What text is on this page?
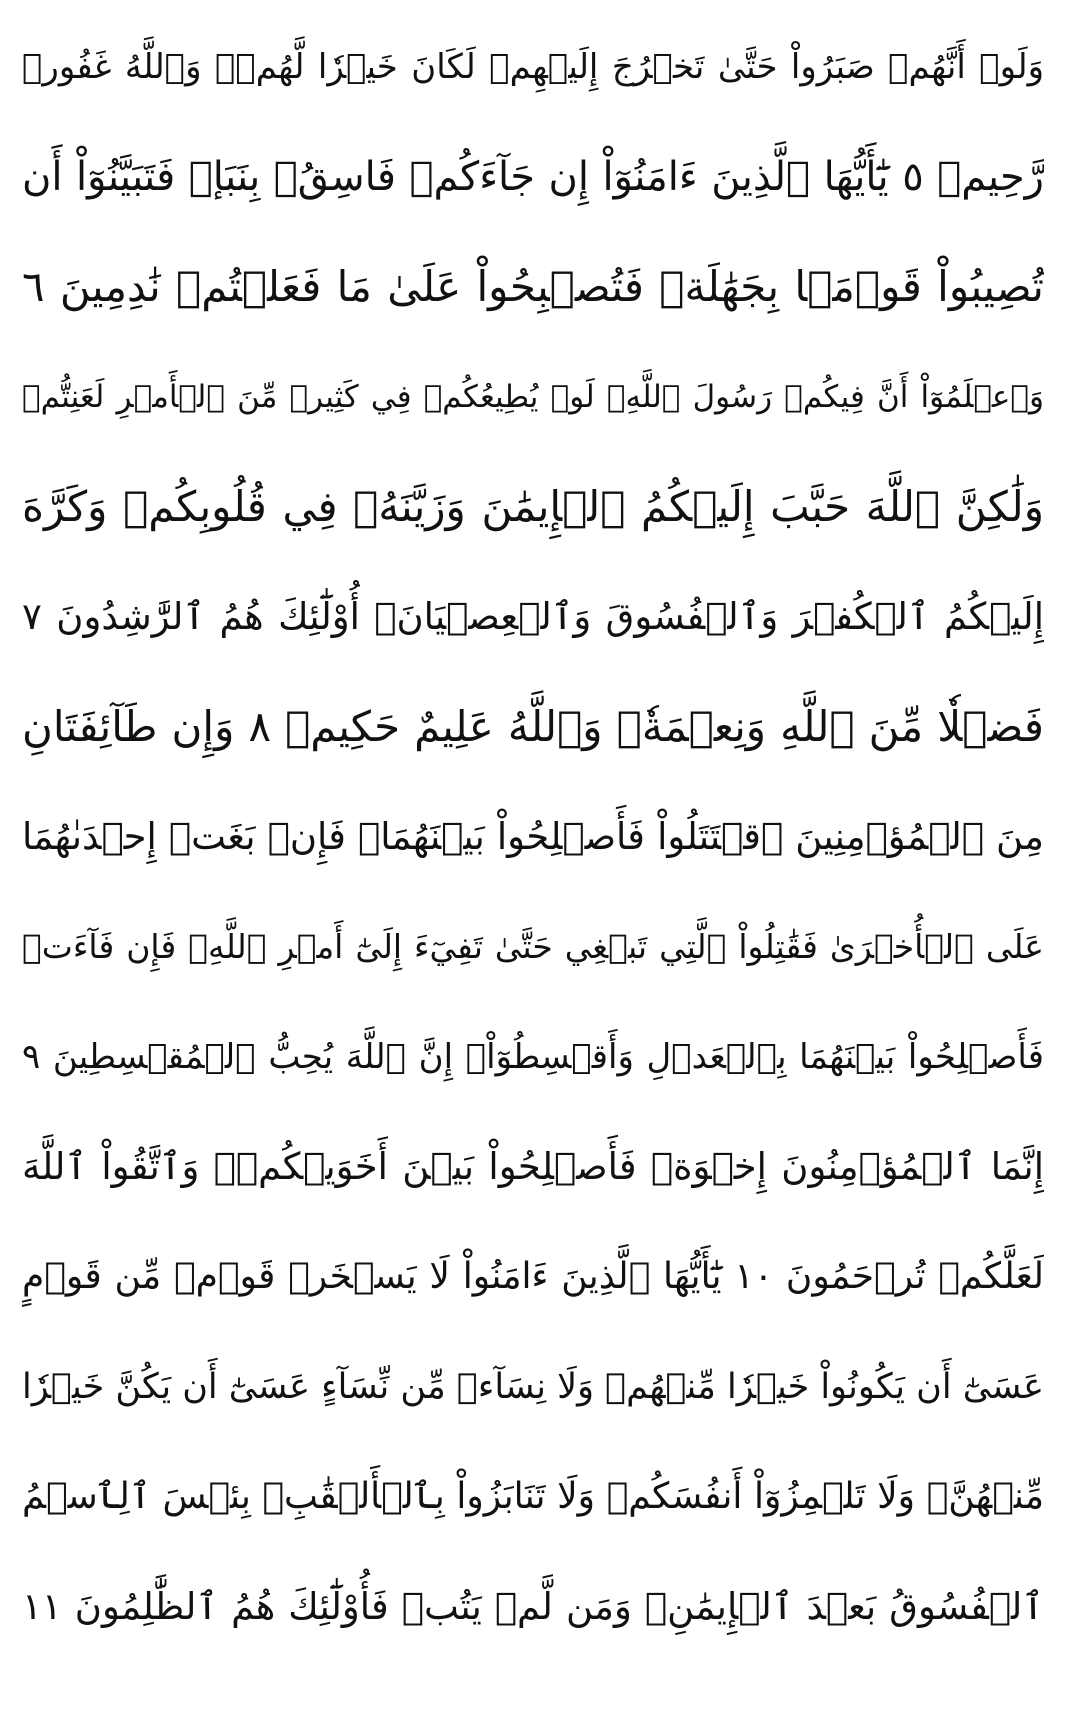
وَلَوۡ أَنَّهُمۡ صَبَرُواْ حَتَّىٰ تَخۡرُجَ إِلَيۡهِمۡ لَكَانَ خَيۡرٗا لَّهُمۡۚ وَٱللَّهُ غَفُورٞ
رَّحِيمٞ ٥ يَٰٓأَيُّهَا ٱلَّذِينَ ءَامَنُوٓاْ إِن جَآءَكُمۡ فَاسِقُۢ بِنَبَإٖ فَتَبَيَّنُوٓاْ أَن
تُصِيبُواْ قَوۡمَۢا بِجَهَٰلَةٖ فَتُصۡبِحُواْ عَلَىٰ مَا فَعَلۡتُمۡ نَٰدِمِينَ ٦
وَٱعۡلَمُوٓاْ أَنَّ فِيكُمۡ رَسُولَ ٱللَّهِۚ لَوۡ يُطِيعُكُمۡ فِي كَثِيرٖ مِّنَ ٱلۡأَمۡرِ لَعَنِتُّمۡ
وَلَٰكِنَّ ٱللَّهَ حَبَّبَ إِلَيۡكُمُ ٱلۡإِيمَٰنَ وَزَيَّنَهُۥ فِي قُلُوبِكُمۡ وَكَرَّهَ
إِلَيۡكُمُ ٱلۡكُفۡرَ وَٱلۡفُسُوقَ وَٱلۡعِصۡيَانَۚ أُوْلَٰٓئِكَ هُمُ ٱلرَّٰشِدُونَ ٧
فَضۡلٗا مِّنَ ٱللَّهِ وَنِعۡمَةٗۚ وَٱللَّهُ عَلِيمٌ حَكِيمٞ ٨ وَإِن طَآئِفَتَانِ
مِنَ ٱلۡمُؤۡمِنِينَ ٱقۡتَتَلُواْ فَأَصۡلِحُواْ بَيۡنَهُمَاۖ فَإِنۢ بَغَتۡ إِحۡدَىٰهُمَا
عَلَى ٱلۡأُخۡرَىٰ فَقَٰتِلُواْ ٱلَّتِي تَبۡغِي حَتَّىٰ تَفِيٓءَ إِلَىٰٓ أَمۡرِ ٱللَّهِۚ فَإِن فَآءَتۡ
فَأَصۡلِحُواْ بَيۡنَهُمَا بِٱلۡعَدۡلِ وَأَقۡسِطُوٓاْۖ إِنَّ ٱللَّهَ يُحِبُّ ٱلۡمُقۡسِطِينَ ٩
إِنَّمَا ٱلۡمُؤۡمِنُونَ إِخۡوَةٞ فَأَصۡلِحُواْ بَيۡنَ أَخَوَيۡكُمۡۚ وَٱتَّقُواْ ٱللَّهَ
لَعَلَّكُمۡ تُرۡحَمُونَ ١٠ يَٰٓأَيُّهَا ٱلَّذِينَ ءَامَنُواْ لَا يَسۡخَرۡ قَوۡمٞ مِّن قَوۡمٍ
عَسَىٰٓ أَن يَكُونُواْ خَيۡرٗا مِّنۡهُمۡ وَلَا نِسَآءٞ مِّن نِّسَآءٍ عَسَىٰٓ أَن يَكُنَّ خَيۡرٗا
مِّنۡهُنَّۖ وَلَا تَلۡمِزُوٓاْ أَنفُسَكُمۡ وَلَا تَنَابَزُواْ بِٱلۡأَلۡقَٰبِۖ بِئۡسَ ٱلِٱسۡمُ
ٱلۡفُسُوقُ بَعۡدَ ٱلۡإِيمَٰنِۚ وَمَن لَّمۡ يَتُبۡ فَأُوْلَٰٓئِكَ هُمُ ٱلظَّٰلِمُونَ ١١
